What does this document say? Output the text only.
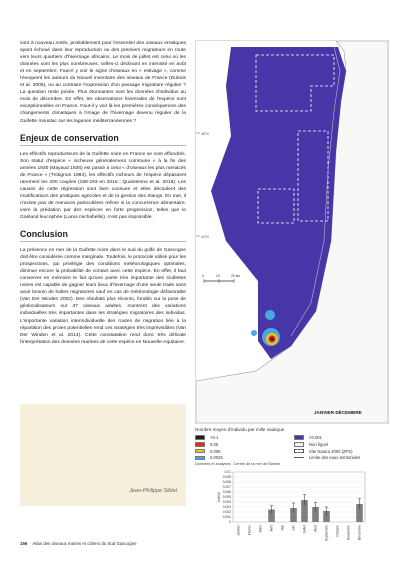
sont à nouveau notés, probablement pour l'essentiel des oiseaux erratiques ayant échoué dans leur reproduction ou des premiers migrateurs en route vers leurs quartiers d'hivernage africains. Le mois de juillet est celui où les données sont les plus nombreuses, celles-ci déclinant en intensité en août et en septembre. Faut-il y voir le signe d'oiseaux en « estivage », comme l'évoquent les auteurs du Nouvel inventaire des oiseaux de France (Dubois et al. 2008), ou au contraire l'expression d'un passage migratoire régulier ? La question reste posée. Plus étonnantes sont les données d'individus au mois de décembre. En effet, les observations hivernales de l'espèce sont exceptionnelles en France. Faut-il y voir là les premières conséquences des changements climatiques à l'image de l'hivernage devenu régulier de la Guifette moustac sur les lagunes méditerranéennes ?

Enjeux de conservation

Les effectifs reproducteurs de la Guifette noire en France se sont effondrés. Son statut d'espèce « nicheuse généralement commune » à la fin des années 1930 (Mayaud 1936) est passé à celui « d'oiseaux les plus menacés de France » (Trotignon 1994), les effectifs nicheurs de l'espèce dépassent rarement les 200 couples (188-193 en 2015 ; Quaintenne et al. 2018). Les causes de cette régression sont bien connues et elles découlent des modifications des pratiques agricoles et de la gestion des étangs. En mer, il n'existe pas de menaces particulières même si la concurrence alimentaire, voire la prédation par des espèces en forte progression, telles que le Goéland leucophée (Larus michahellis), n'est pas impossible.

Conclusion

La présence en mer de la Guifette noire dans le sud du golfe de Gascogne doit être considérée comme marginale. Toutefois, le protocole utilisé pour les prospections, qui privilégie des conditions météorologiques optimales, diminue encore la probabilité de contact avec cette espèce. En effet, il faut conserver en mémoire le fait qu'une partie très importante des Guifettes noires est capable de gagner leurs lieux d'hivernage d'une seule traite sans avoir besoin de haltes migratoires sauf en cas de météorologie défavorable (Van Der Winden 2002). Des résultats plus récents, fondés sur la pose de géolocalisateurs sur 37 oiseaux adultes, montrent des variations individuelles très importantes dans les stratégies migratoires des individus. L'importante variation interindividuelle des routes de migration liée à la répartition des proies potentielles rend ces stratégies très imprévisibles (Van Der Winden et al. 2014). Cette constatation rend donc très délicate l'interprétation des données marines de cette espèce en Nouvelle-Aquitaine.

Jean-Philippe Siblet
46°N
44°N
0	10	20 km
JANVIER-DÉCEMBRE
Nombre moyen d'individu par mille nautique
>0.1	<0.001
0.05	Non figuré
0.009	Site Natura 2000 (ZPS)
0.0025	Limite des eaux territoriales
Données et analyses : Centre de la mer de Biarritz
0
0.001
0.002
0.003
0.004
0.005
0.006
0.007
0.008
0.009
0.01
Ind/1h
Janvier Février Mars Avril Mai Juin Juillet Août Septembre Octobre Novembre Décembre
156 Atlas des oiseaux marins et côtiers du Sud Gascogne
